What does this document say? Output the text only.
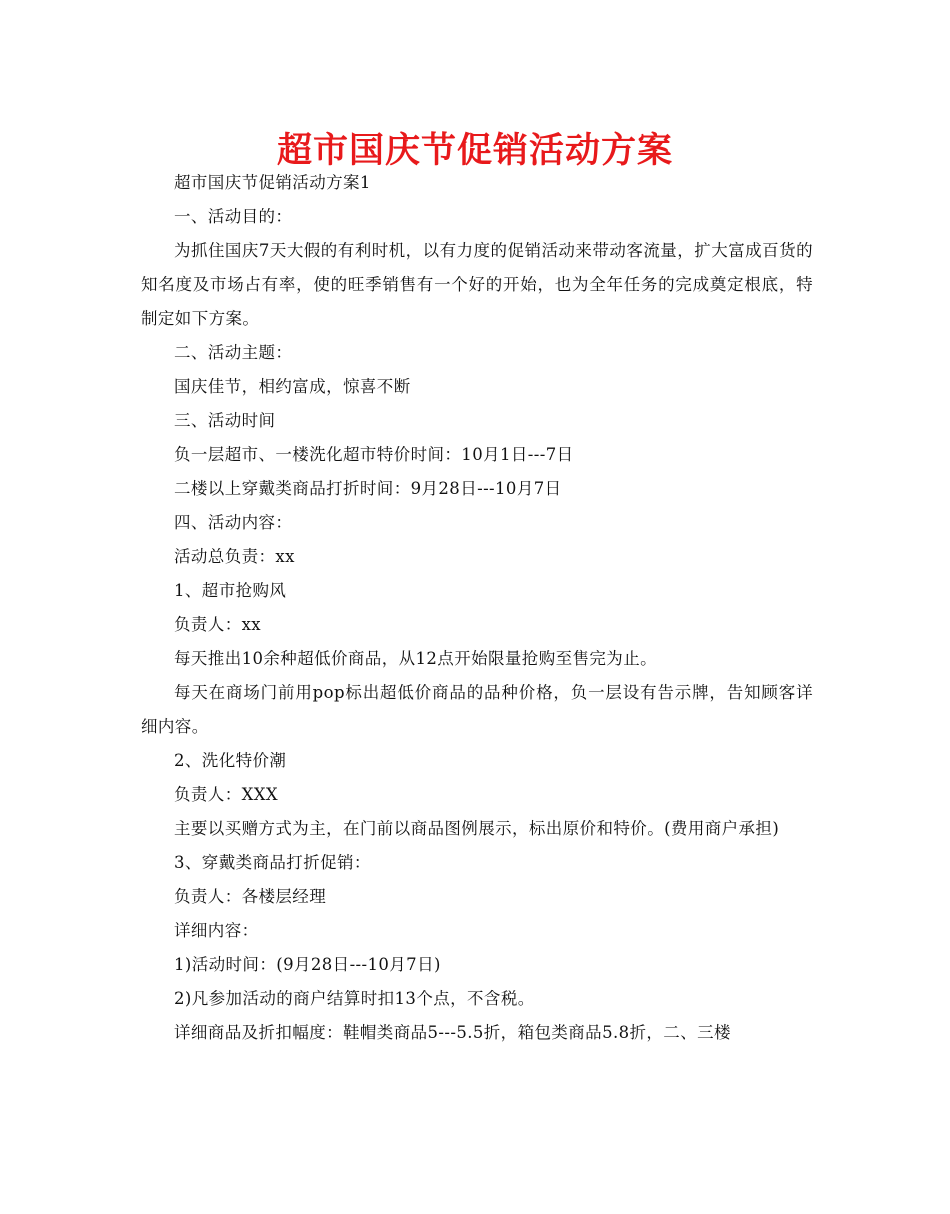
超市国庆节促销活动方案

超市国庆节促销活动方案1

一、活动目的：

为抓住国庆7天大假的有利时机，以有力度的促销活动来带动客流量，扩大富成百货的知名度及市场占有率，使的旺季销售有一个好的开始，也为全年任务的完成奠定根底，特制定如下方案。

二、活动主题：

国庆佳节，相约富成，惊喜不断

三、活动时间

负一层超市、一楼洗化超市特价时间：10月1日---7日

二楼以上穿戴类商品打折时间：9月28日---10月7日

四、活动内容：

活动总负责：xx

1、超市抢购风

负责人：xx

每天推出10余种超低价商品，从12点开始限量抢购至售完为止。

每天在商场门前用pop标出超低价商品的品种价格，负一层设有告示牌，告知顾客详细内容。

2、洗化特价潮

负责人：XXX

主要以买赠方式为主，在门前以商品图例展示，标出原价和特价。(费用商户承担)

3、穿戴类商品打折促销：

负责人：各楼层经理

详细内容：

1)活动时间：(9月28日---10月7日)

2)凡参加活动的商户结算时扣13个点，不含税。

详细商品及折扣幅度：鞋帽类商品5---5.5折，箱包类商品5.8折，二、三楼
